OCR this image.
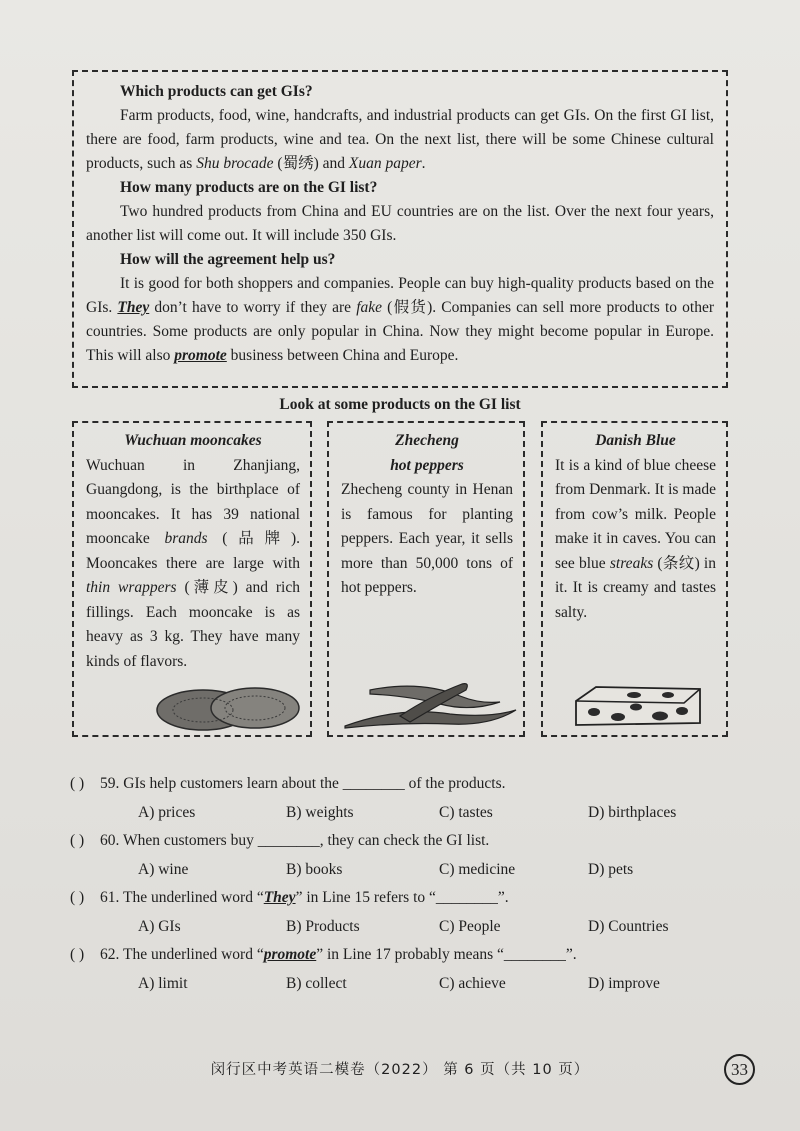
Which products can get GIs?
Farm products, food, wine, handcrafts, and industrial products can get GIs. On the first GI list, there are food, farm products, wine and tea. On the next list, there will be some Chinese cultural products, such as Shu brocade (蜀绣) and Xuan paper.
How many products are on the GI list?
Two hundred products from China and EU countries are on the list. Over the next four years, another list will come out. It will include 350 GIs.
How will the agreement help us?
It is good for both shoppers and companies. People can buy high-quality products based on the GIs. They don’t have to worry if they are fake (假货). Companies can sell more products to other countries. Some products are only popular in China. Now they might become popular in Europe. This will also promote business between China and Europe.
Look at some products on the GI list
Wuchuan mooncakes
Wuchuan in Zhanjiang, Guangdong, is the birthplace of mooncakes. It has 39 national mooncake brands (品牌). Mooncakes there are large with thin wrappers (薄皮) and rich fillings. Each mooncake is as heavy as 3 kg. They have many kinds of flavors.
Zhecheng
hot peppers
Zhecheng county in Henan is famous for planting peppers. Each year, it sells more than 50,000 tons of hot peppers.
Danish Blue
It is a kind of blue cheese from Denmark. It is made from cow’s milk. People make it in caves. You can see blue streaks (条纹) in it. It is creamy and tastes salty.
( ) 59. GIs help customers learn about the ________ of the products.
A) prices	B) weights	C) tastes	D) birthplaces
( ) 60. When customers buy ________, they can check the GI list.
A) wine	B) books	C) medicine	D) pets
( ) 61. The underlined word “They” in Line 15 refers to “________”.
A) GIs	B) Products	C) People	D) Countries
( ) 62. The underlined word “promote” in Line 17 probably means “________”.
A) limit	B) collect	C) achieve	D) improve
闵行区中考英语二模卷（2022） 第 6 页（共 10 页）	33
